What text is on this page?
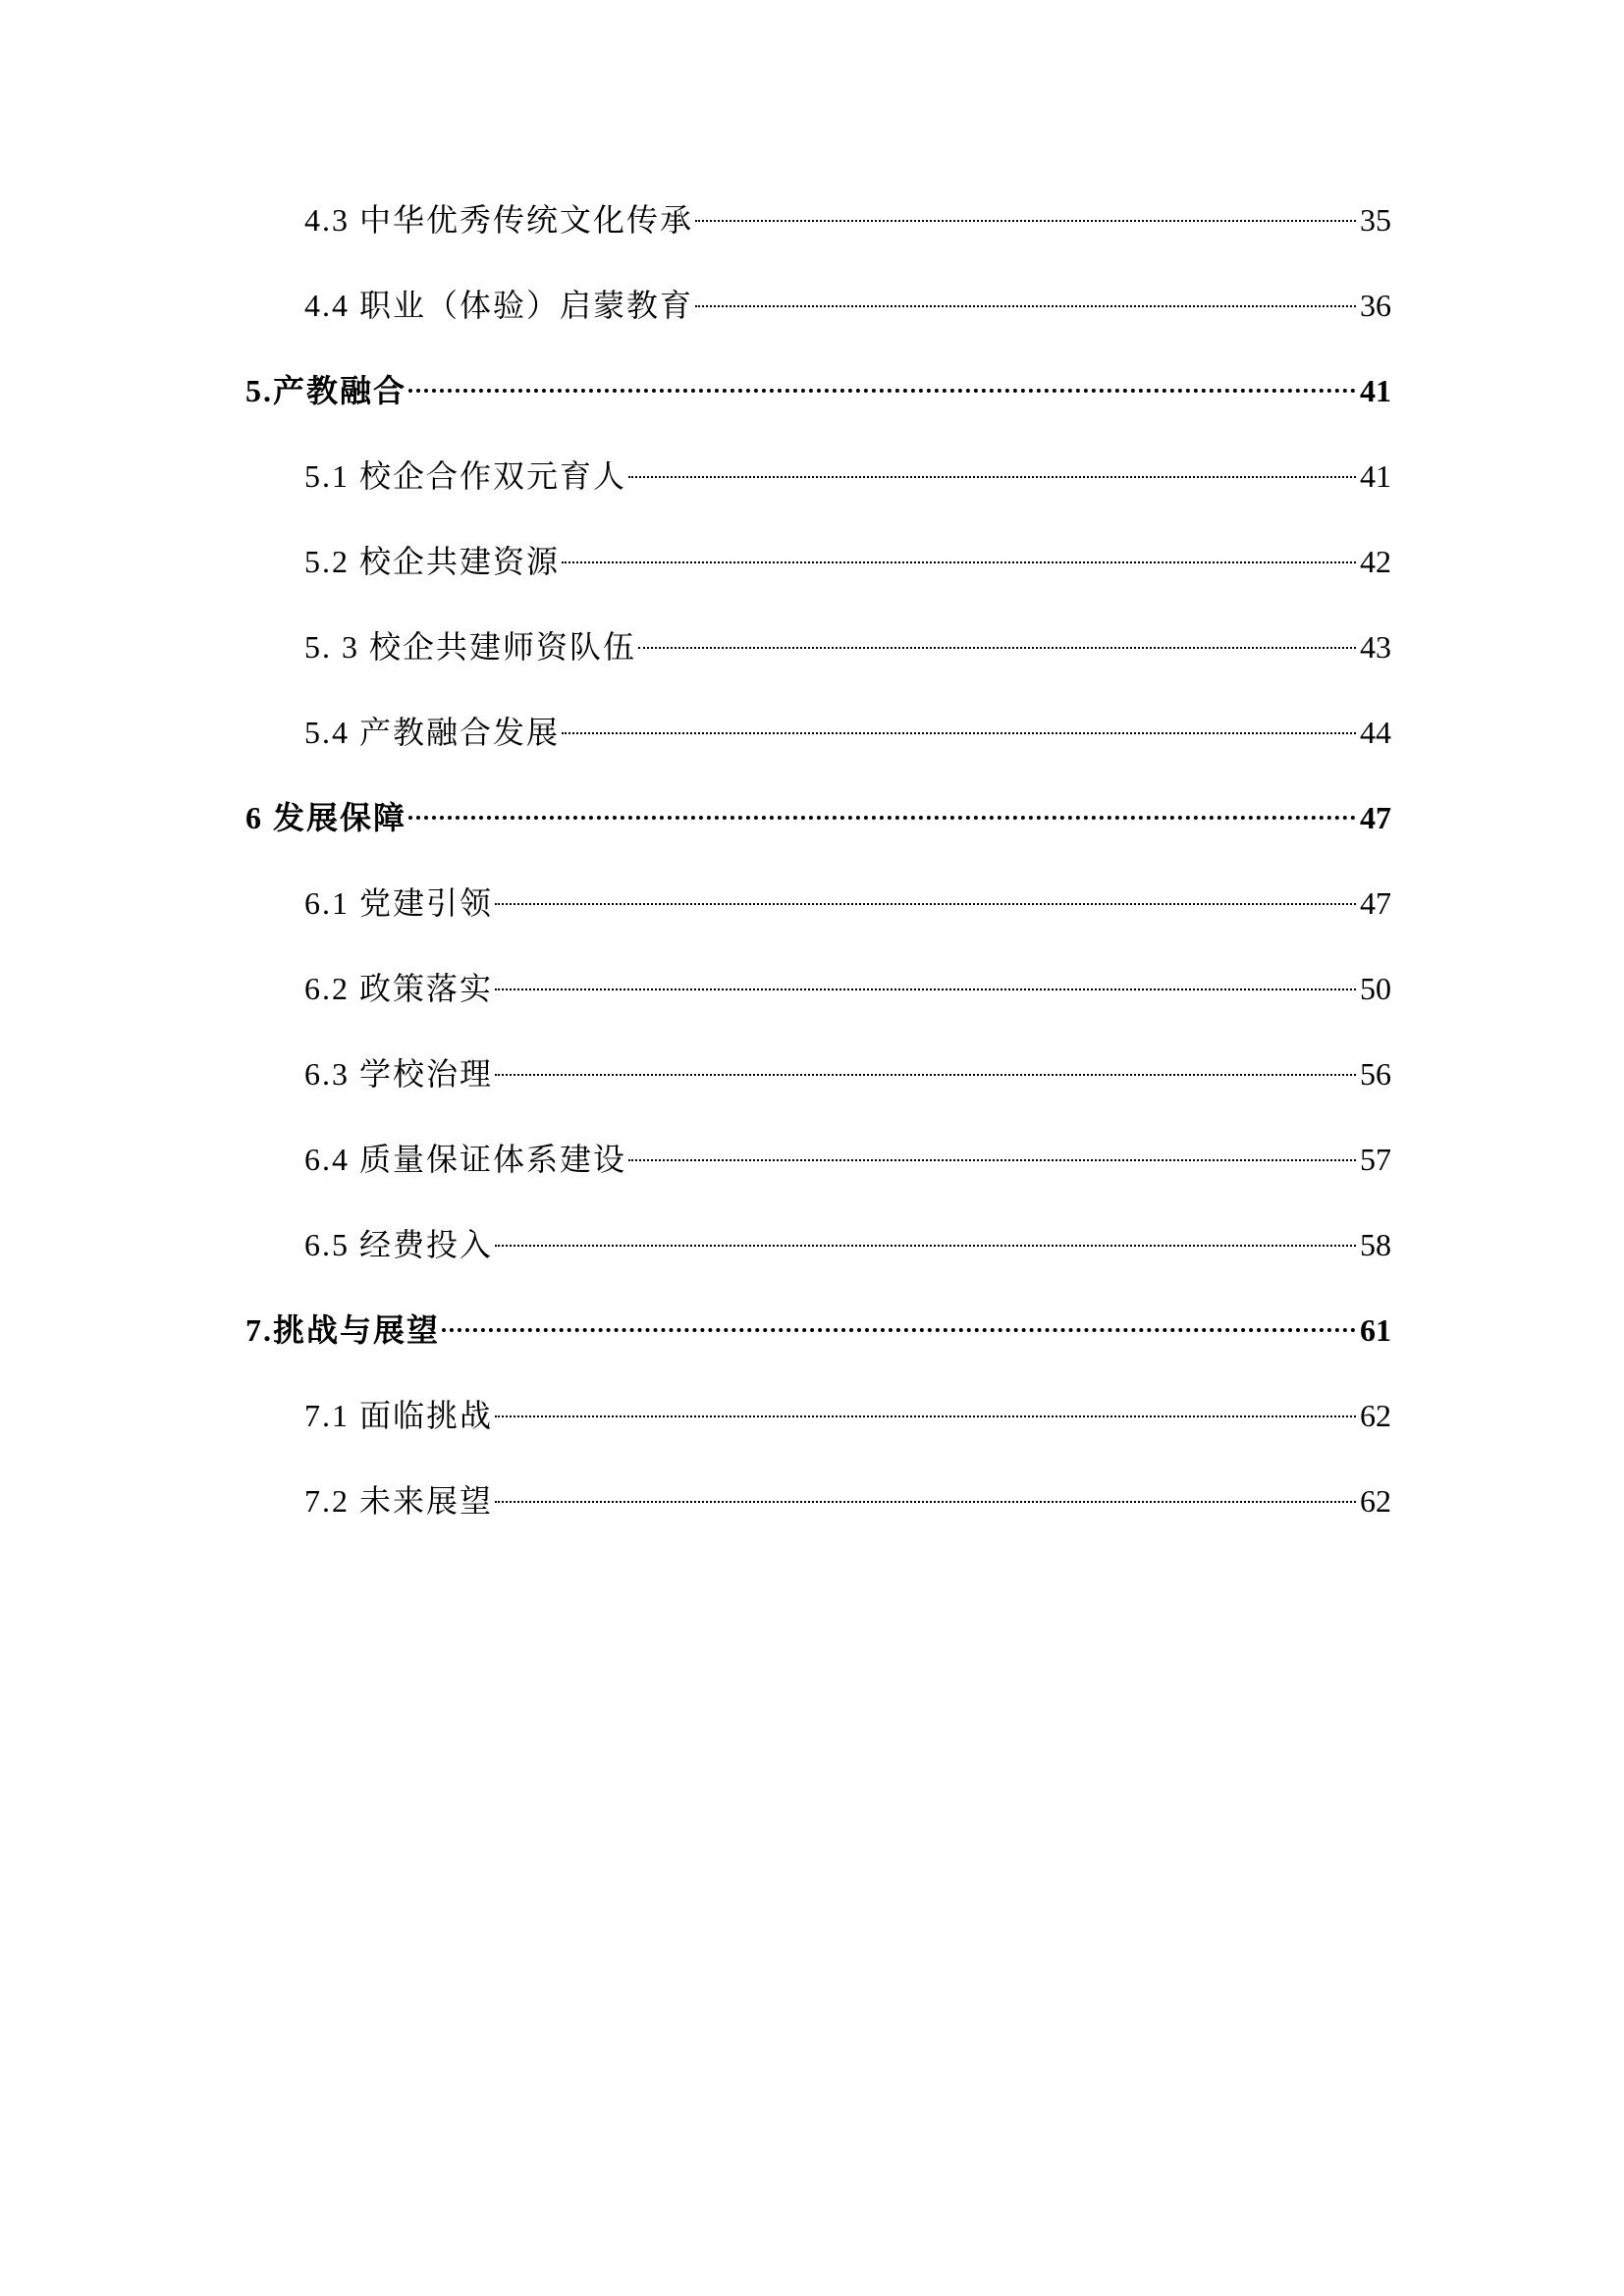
4.3 中华优秀传统文化传承	35
4.4 职业（体验）启蒙教育	36
5.产教融合	41
5.1 校企合作双元育人	41
5.2 校企共建资源	42
5. 3 校企共建师资队伍	43
5.4 产教融合发展	44
6 发展保障	47
6.1 党建引领	47
6.2 政策落实	50
6.3 学校治理	56
6.4 质量保证体系建设	57
6.5 经费投入	58
7.挑战与展望	61
7.1 面临挑战	62
7.2 未来展望	62
